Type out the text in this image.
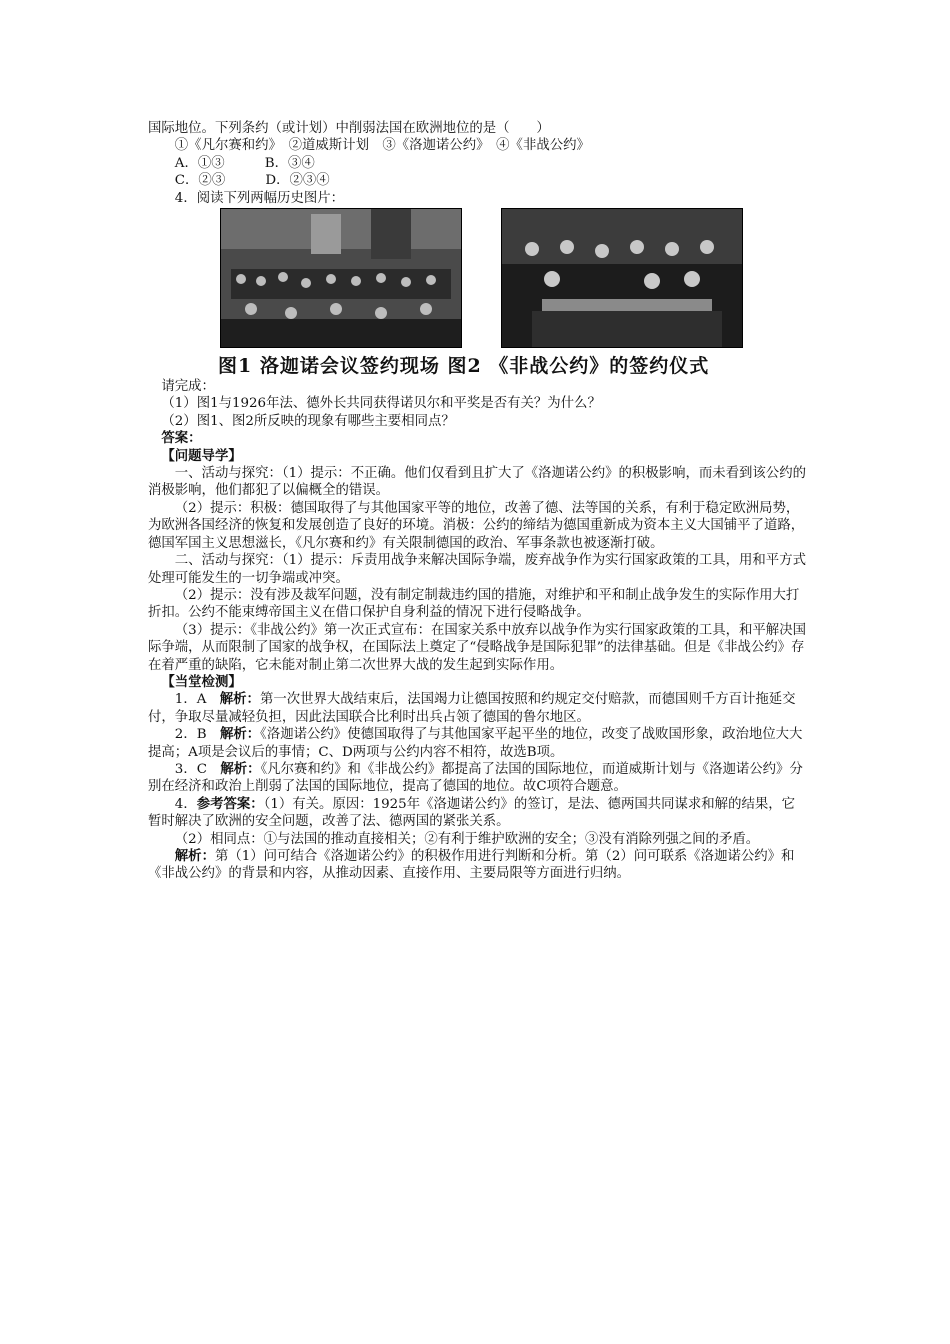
国际地位。下列条约（或计划）中削弱法国在欧洲地位的是（　　）

①《凡尔赛和约》　②道威斯计划　③《洛迦诺公约》　④《非战公约》

A．①③　　　B．③④

C．②③　　　D．②③④

4．阅读下列两幅历史图片：

图1 洛迦诺会议签约现场 图2 《非战公约》的签约仪式

请完成：

（1）图1与1926年法、德外长共同获得诺贝尔和平奖是否有关？为什么？

（2）图1、图2所反映的现象有哪些主要相同点？

答案：

【问题导学】

一、活动与探究：（1）提示：不正确。他们仅看到且扩大了《洛迦诺公约》的积极影响，而未看到该公约的消极影响，他们都犯了以偏概全的错误。

（2）提示：积极：德国取得了与其他国家平等的地位，改善了德、法等国的关系，有利于稳定欧洲局势，为欧洲各国经济的恢复和发展创造了良好的环境。消极：公约的缔结为德国重新成为资本主义大国铺平了道路，德国军国主义思想滋长，《凡尔赛和约》有关限制德国的政治、军事条款也被逐渐打破。

二、活动与探究：（1）提示：斥责用战争来解决国际争端，废弃战争作为实行国家政策的工具，用和平方式处理可能发生的一切争端或冲突。

（2）提示：没有涉及裁军问题，没有制定制裁违约国的措施，对维护和平和制止战争发生的实际作用大打折扣。公约不能束缚帝国主义在借口保护自身利益的情况下进行侵略战争。

（3）提示：《非战公约》第一次正式宣布：在国家关系中放弃以战争作为实行国家政策的工具，和平解决国际争端，从而限制了国家的战争权，在国际法上奠定了“侵略战争是国际犯罪”的法律基础。但是《非战公约》存在着严重的缺陷，它未能对制止第二次世界大战的发生起到实际作用。

【当堂检测】

1．A　解析：第一次世界大战结束后，法国竭力让德国按照和约规定交付赔款，而德国则千方百计拖延交付，争取尽量减轻负担，因此法国联合比利时出兵占领了德国的鲁尔地区。

2．B　解析：《洛迦诺公约》使德国取得了与其他国家平起平坐的地位，改变了战败国形象，政治地位大大提高；A项是会议后的事情；C、D两项与公约内容不相符，故选B项。

3．C　解析：《凡尔赛和约》和《非战公约》都提高了法国的国际地位，而道威斯计划与《洛迦诺公约》分别在经济和政治上削弱了法国的国际地位，提高了德国的地位。故C项符合题意。

4．参考答案：（1）有关。原因：1925年《洛迦诺公约》的签订，是法、德两国共同谋求和解的结果，它暂时解决了欧洲的安全问题，改善了法、德两国的紧张关系。

（2）相同点：①与法国的推动直接相关；②有利于维护欧洲的安全；③没有消除列强之间的矛盾。

解析：第（1）问可结合《洛迦诺公约》的积极作用进行判断和分析。第（2）问可联系《洛迦诺公约》和《非战公约》的背景和内容，从推动因素、直接作用、主要局限等方面进行归纳。
